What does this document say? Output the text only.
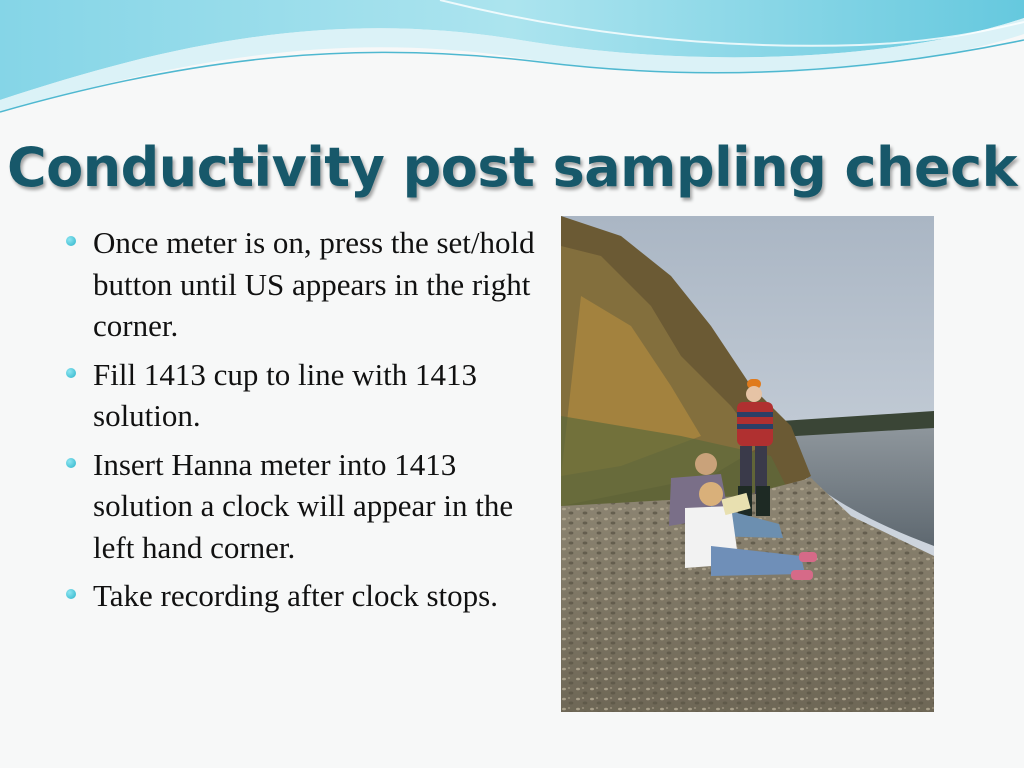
Conductivity post sampling check
Once meter is on, press the set/hold button until US appears in the right corner.
Fill 1413 cup to line with 1413 solution.
Insert Hanna meter into 1413 solution a clock will appear in the left hand corner.
Take recording after clock stops.
